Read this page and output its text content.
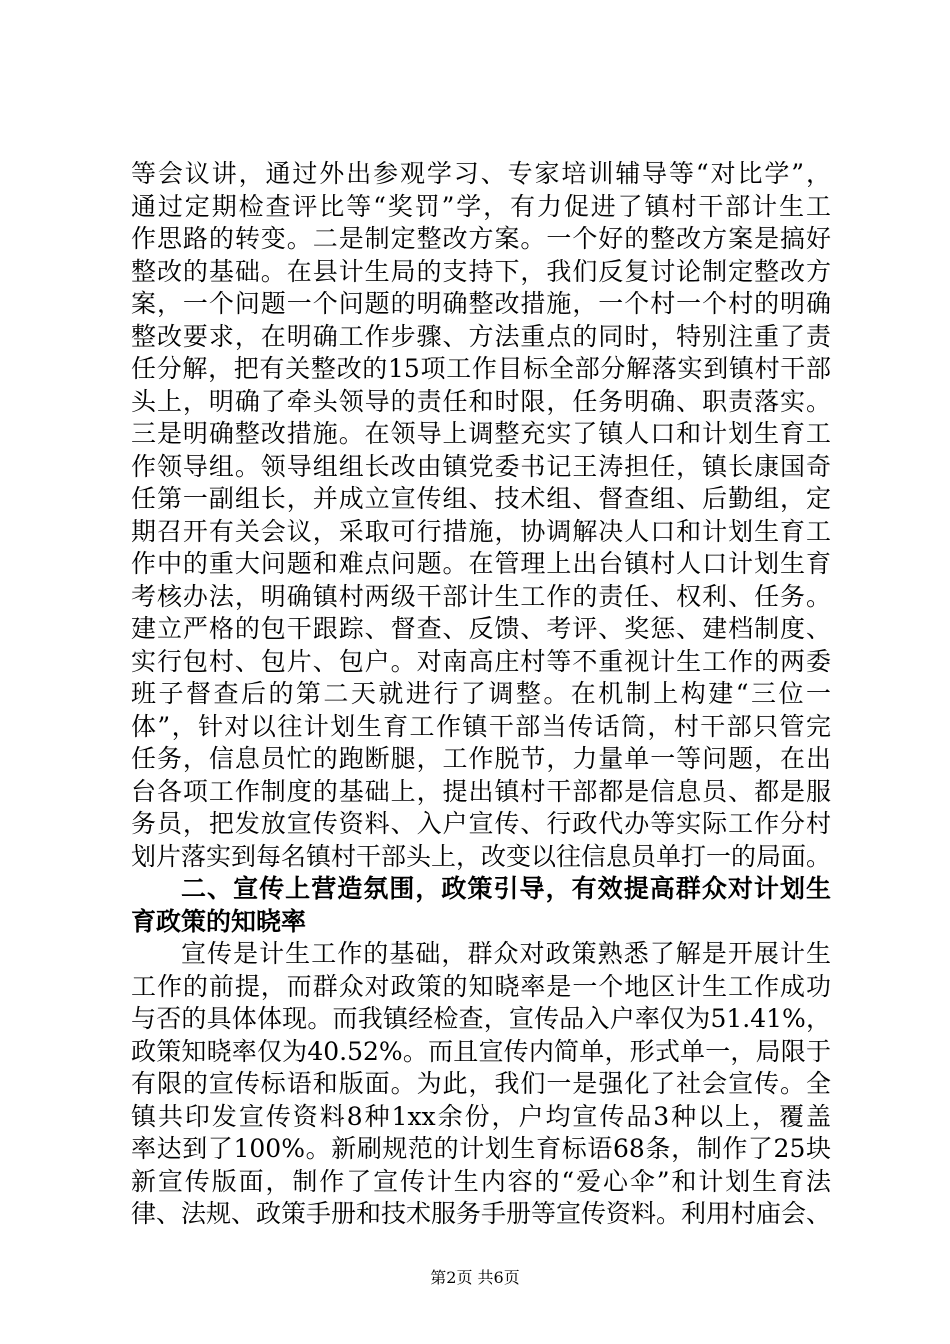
等会议讲，通过外出参观学习、专家培训辅导等“对比学”，
通过定期检查评比等“奖罚”学，有力促进了镇村干部计生工
作思路的转变。二是制定整改方案。一个好的整改方案是搞好
整改的基础。在县计生局的支持下，我们反复讨论制定整改方
案，一个问题一个问题的明确整改措施，一个村一个村的明确
整改要求，在明确工作步骤、方法重点的同时，特别注重了责
任分解，把有关整改的15项工作目标全部分解落实到镇村干部
头上，明确了牵头领导的责任和时限，任务明确、职责落实。
三是明确整改措施。在领导上调整充实了镇人口和计划生育工
作领导组。领导组组长改由镇党委书记王涛担任，镇长康国奇
任第一副组长，并成立宣传组、技术组、督查组、后勤组，定
期召开有关会议，采取可行措施，协调解决人口和计划生育工
作中的重大问题和难点问题。在管理上出台镇村人口计划生育
考核办法，明确镇村两级干部计生工作的责任、权利、任务。
建立严格的包干跟踪、督查、反馈、考评、奖惩、建档制度、
实行包村、包片、包户。对南高庄村等不重视计生工作的两委
班子督查后的第二天就进行了调整。在机制上构建“三位一
体”，针对以往计划生育工作镇干部当传话筒，村干部只管完
任务，信息员忙的跑断腿，工作脱节，力量单一等问题，在出
台各项工作制度的基础上，提出镇村干部都是信息员、都是服
务员，把发放宣传资料、入户宣传、行政代办等实际工作分村
划片落实到每名镇村干部头上，改变以往信息员单打一的局面。
二、宣传上营造氛围，政策引导，有效提高群众对计划生
育政策的知晓率
宣传是计生工作的基础，群众对政策熟悉了解是开展计生
工作的前提，而群众对政策的知晓率是一个地区计生工作成功
与否的具体体现。而我镇经检查，宣传品入户率仅为51.41%，
政策知晓率仅为40.52%。而且宣传内简单，形式单一，局限于
有限的宣传标语和版面。为此，我们一是强化了社会宣传。全
镇共印发宣传资料8种1xx余份，户均宣传品3种以上，覆盖
率达到了100%。新刷规范的计划生育标语68条，制作了25块
新宣传版面，制作了宣传计生内容的“爱心伞”和计划生育法
律、法规、政策手册和技术服务手册等宣传资料。利用村庙会、
第2页 共6页
